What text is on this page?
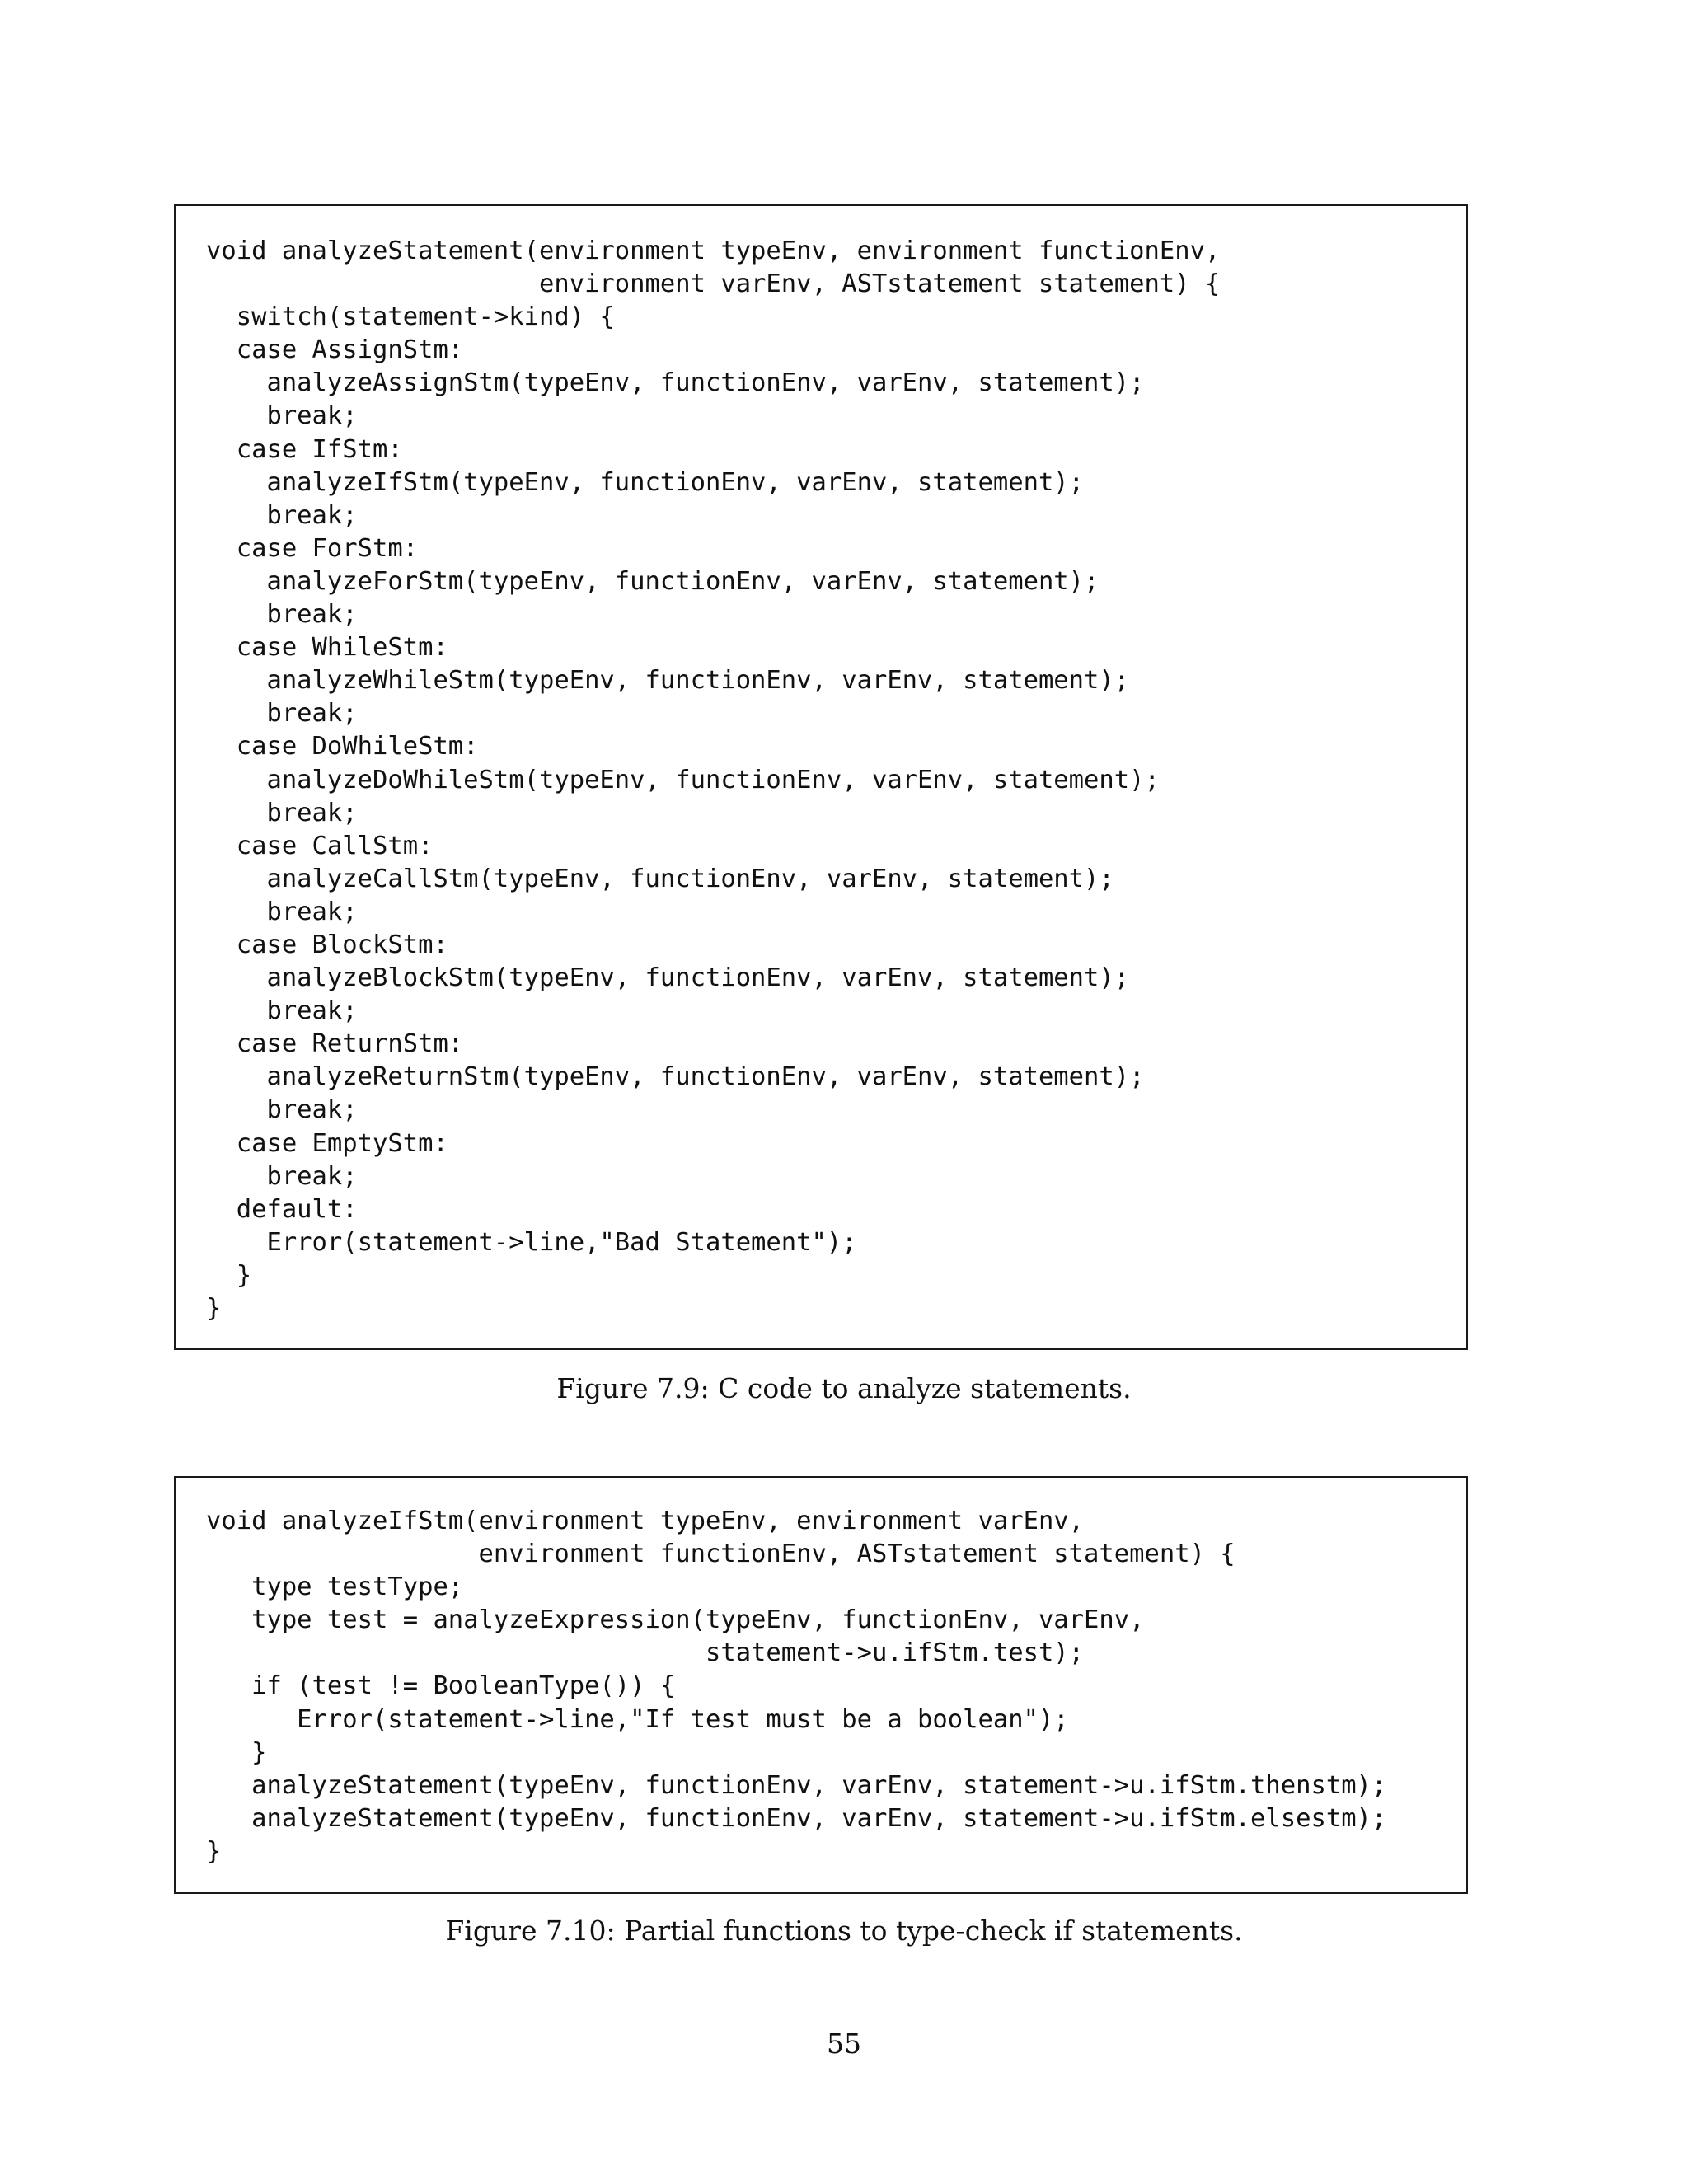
void analyzeStatement(environment typeEnv, environment functionEnv,
environment varEnv, ASTstatement statement) {
switch(statement->kind) {
case AssignStm:
analyzeAssignStm(typeEnv, functionEnv, varEnv, statement);
break;
case IfStm:
analyzeIfStm(typeEnv, functionEnv, varEnv, statement);
break;
case ForStm:
analyzeForStm(typeEnv, functionEnv, varEnv, statement);
break;
case WhileStm:
analyzeWhileStm(typeEnv, functionEnv, varEnv, statement);
break;
case DoWhileStm:
analyzeDoWhileStm(typeEnv, functionEnv, varEnv, statement);
break;
case CallStm:
analyzeCallStm(typeEnv, functionEnv, varEnv, statement);
break;
case BlockStm:
analyzeBlockStm(typeEnv, functionEnv, varEnv, statement);
break;
case ReturnStm:
analyzeReturnStm(typeEnv, functionEnv, varEnv, statement);
break;
case EmptyStm:
break;
default:
Error(statement->line,"Bad Statement");
}
}
Figure 7.9: C code to analyze statements.
void analyzeIfStm(environment typeEnv, environment varEnv,
environment functionEnv, ASTstatement statement) {
type testType;
type test = analyzeExpression(typeEnv, functionEnv, varEnv,
statement->u.ifStm.test);
if (test != BooleanType()) {
Error(statement->line,"If test must be a boolean");
}
analyzeStatement(typeEnv, functionEnv, varEnv, statement->u.ifStm.thenstm);
analyzeStatement(typeEnv, functionEnv, varEnv, statement->u.ifStm.elsestm);
}
Figure 7.10: Partial functions to type-check if statements.
55
